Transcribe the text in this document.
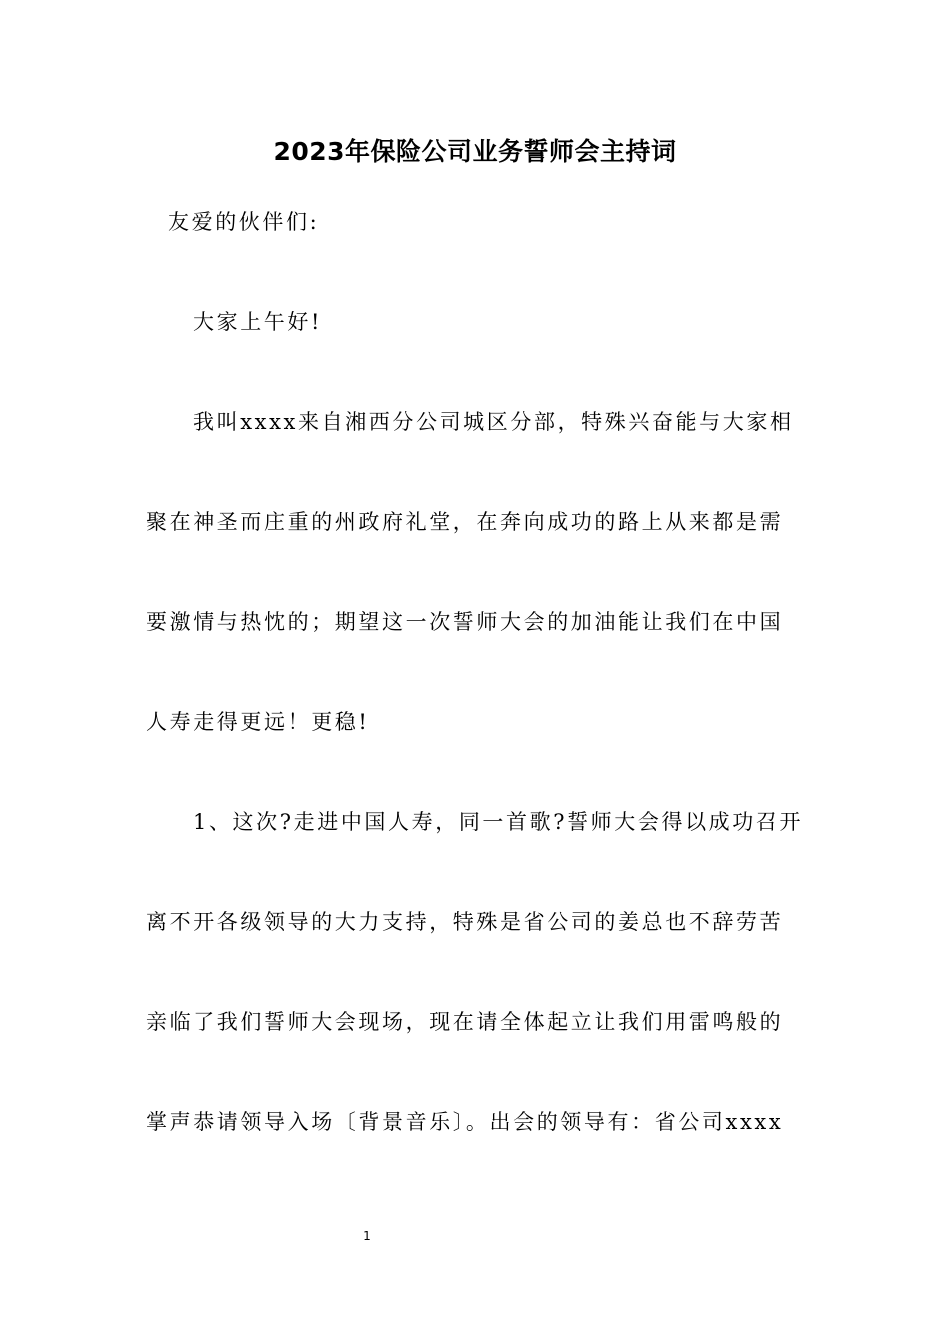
2023年保险公司业务誓师会主持词
友爱的伙伴们:
大家上午好!
我叫xxxx来自湘西分公司城区分部，特殊兴奋能与大家相
聚在神圣而庄重的州政府礼堂，在奔向成功的路上从来都是需
要激情与热忱的；期望这一次誓师大会的加油能让我们在中国
人寿走得更远！更稳!
1、这次?走进中国人寿，同一首歌?誓师大会得以成功召开
离不开各级领导的大力支持，特殊是省公司的姜总也不辞劳苦
亲临了我们誓师大会现场，现在请全体起立让我们用雷鸣般的
掌声恭请领导入场〔背景音乐〕。出会的领导有：省公司xxxx
1
